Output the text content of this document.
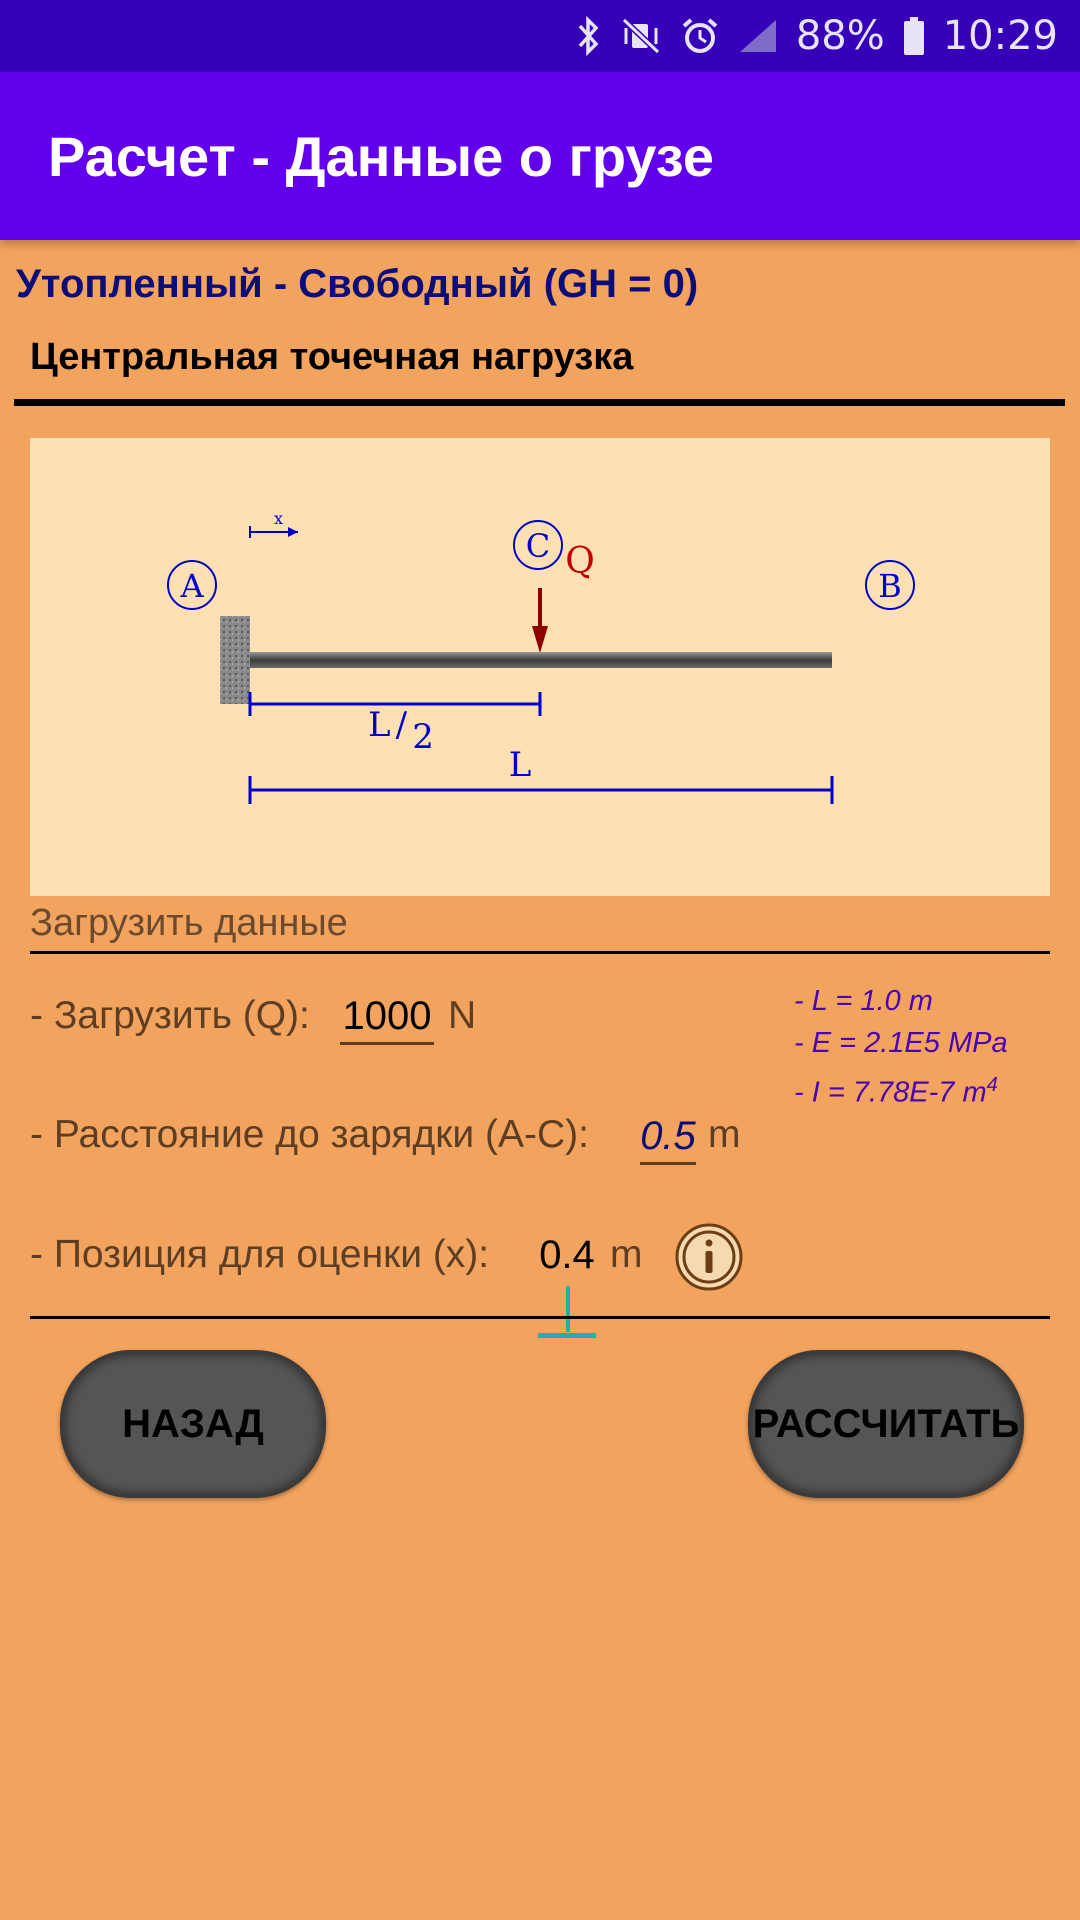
88% 10:29
Расчет - Данные о грузе
Утопленный - Свободный (GH = 0)
Центральная точечная нагрузка
x
A	B
C Q
L / 2
L
Загрузить данные
- Загрузить (Q): 1000 N	- L = 1.0 m
- E = 2.1E5 MPa
- I = 7.78E-7 $m^4$
- Расстояние до зарядки (A-C): 0.5 m
- Позиция для оценки (x): 0.4 m
НАЗАД	РАССЧИТАТЬ
